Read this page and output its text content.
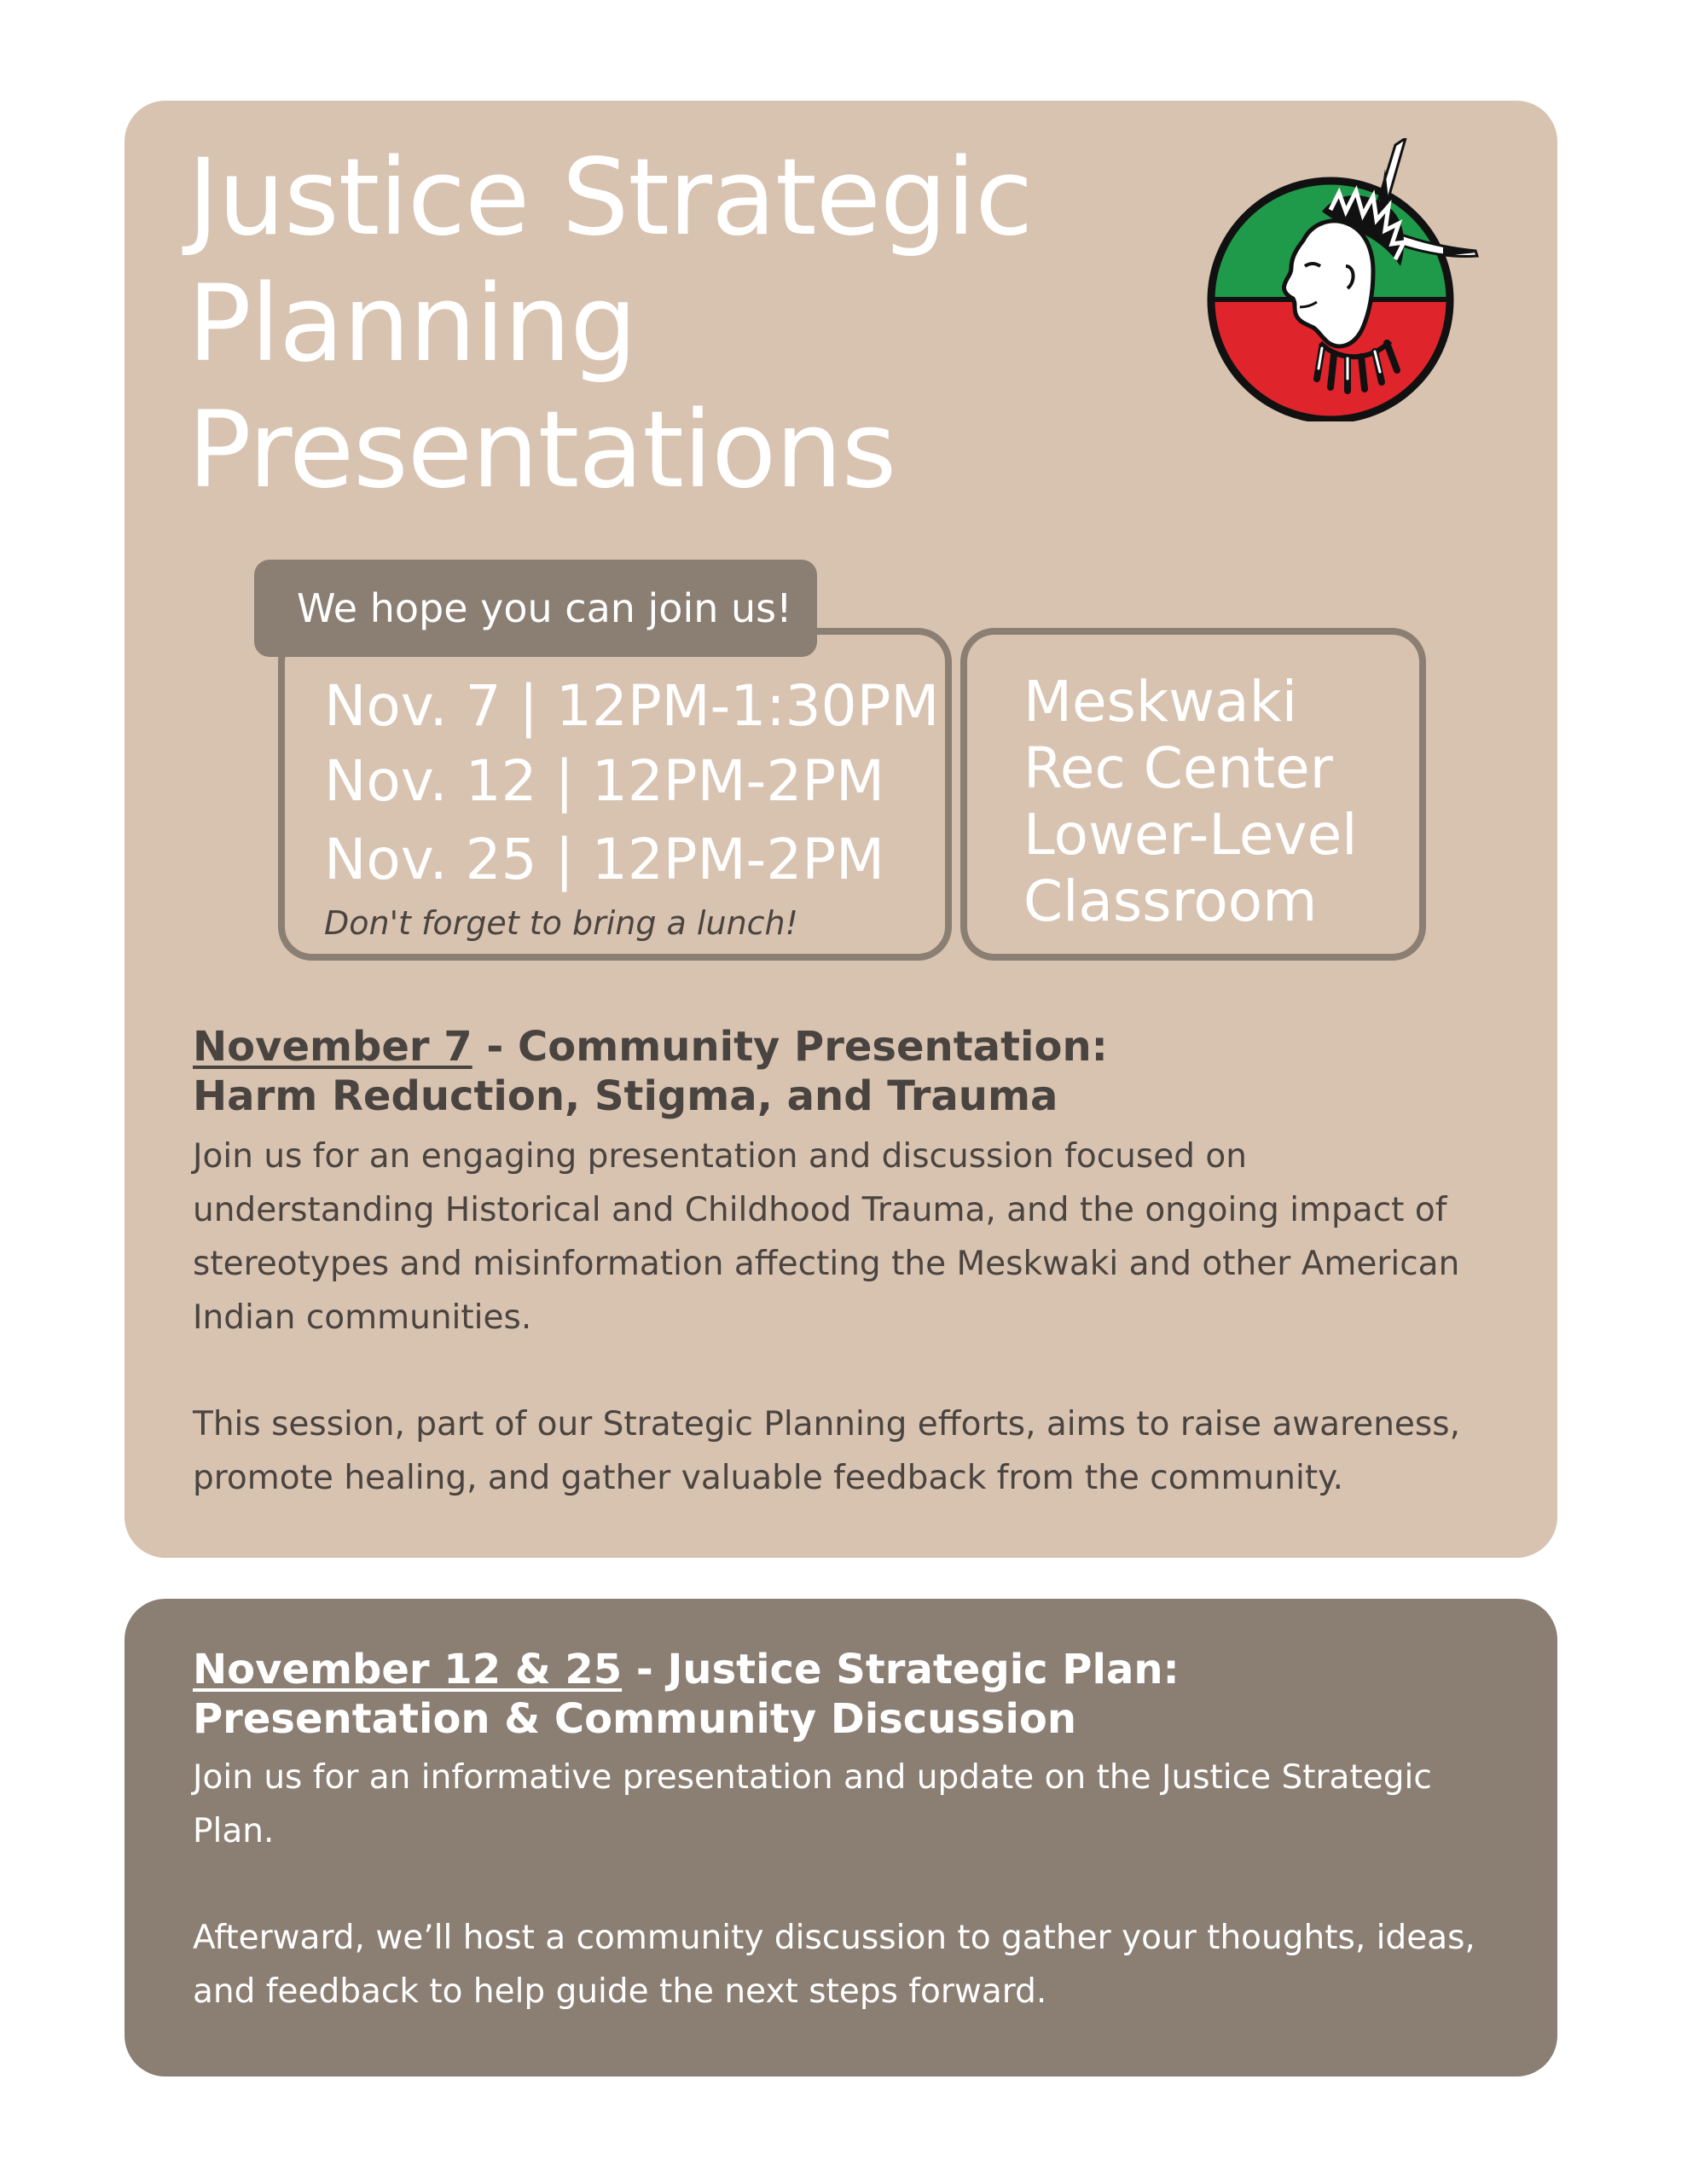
Justice Strategic
Planning
Presentations
We hope you can join us!
Nov. 7 | 12PM-1:30PM
Nov. 12 | 12PM-2PM
Nov. 25 | 12PM-2PM
Don't forget to bring a lunch!
Meskwaki
Rec Center
Lower-Level
Classroom
November 7 - Community Presentation:
Harm Reduction, Stigma, and Trauma

Join us for an engaging presentation and discussion focused on
understanding Historical and Childhood Trauma, and the ongoing impact of
stereotypes and misinformation affecting the Meskwaki and other American
Indian communities.

This session, part of our Strategic Planning efforts, aims to raise awareness,
promote healing, and gather valuable feedback from the community.

November 12 & 25 - Justice Strategic Plan:
Presentation & Community Discussion

Join us for an informative presentation and update on the Justice Strategic
Plan.

Afterward, we’ll host a community discussion to gather your thoughts, ideas,
and feedback to help guide the next steps forward.
